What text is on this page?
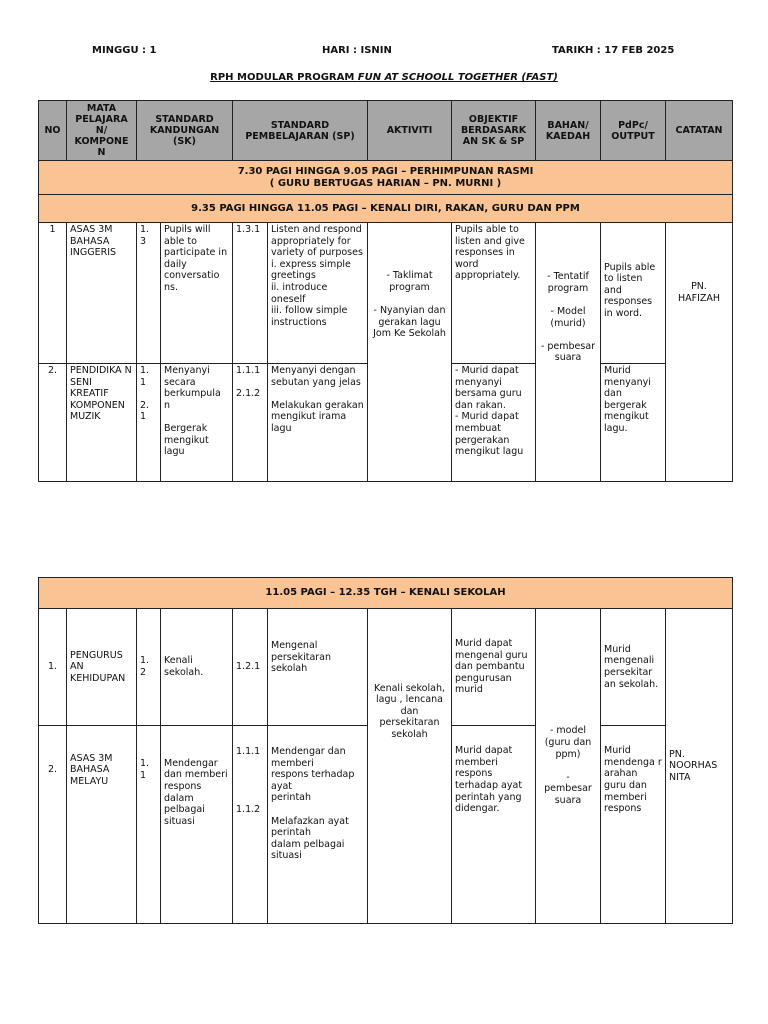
MINGGU : 1	HARI : ISNIN	TARIKH : 17 FEB 2025
RPH MODULAR PROGRAM FUN AT SCHOOLL TOGETHER (FAST)
NO	MATA PELAJARA N/ KOMPONE N	STANDARD KANDUNGAN (SK)		STANDARD PEMBELAJARAN (SP)		AKTIVITI	OBJEKTIF BERDASARK AN SK & SP	BAHAN/ KAEDAH	PdPc/ OUTPUT	CATATAN
7.30 PAGI HINGGA 9.05 PAGI – PERHIMPUNAN RASMI
( GURU BERTUGAS HARIAN – PN. MURNI )										
9.35 PAGI HINGGA 11.05 PAGI – KENALI DIRI, RAKAN, GURU DAN PPM										
1	ASAS 3M BAHASA INGGERIS	1.
3	Pupils will able to participate in daily conversatio ns.	1.3.1	Listen and respond appropriately for variety of purposes
i. express simple greetings
ii. introduce oneself
iii. follow simple instructions	- Taklimat program

- Nyanyian dan gerakan lagu Jom Ke Sekolah	Pupils able to listen and give responses in word appropriately.	- Tentatif program

- Model (murid)

- pembesar suara	Pupils able to listen and responses in word.	PN. HAFIZAH
2.	PENDIDIKA N SENI KREATIF KOMPONEN MUZIK	1.
1

2.
1	Menyanyi secara berkumpula n

Bergerak mengikut lagu	1.1.1

2.1.2	Menyanyi dengan sebutan yang jelas

Melakukan gerakan mengikut irama lagu		- Murid dapat menyanyi bersama guru dan rakan.
- Murid dapat membuat pergerakan mengikut lagu		Murid menyanyi dan bergerak mengikut lagu.	
11.05 PAGI – 12.35 TGH – KENALI SEKOLAH										
1.	PENGURUS AN KEHIDUPAN	1.
2	Kenali sekolah.	1.2.1	Mengenal persekitaran sekolah	Kenali sekolah, lagu , lencana dan persekitaran sekolah	Murid dapat mengenal guru dan pembantu pengurusan murid	- model (guru dan ppm)

-
pembesar suara	Murid mengenali persekitar an sekolah.	PN. NOORHAS NITA
2.	ASAS 3M BAHASA MELAYU	1.
1	Mendengar dan memberi respons dalam pelbagai situasi	1.1.1

1.1.2	Mendengar dan memberi
respons terhadap ayat
perintah

Melafazkan ayat perintah
dalam pelbagai situasi		Murid dapat memberi respons terhadap ayat perintah yang didengar.		Murid mendenga r arahan guru dan memberi respons	
